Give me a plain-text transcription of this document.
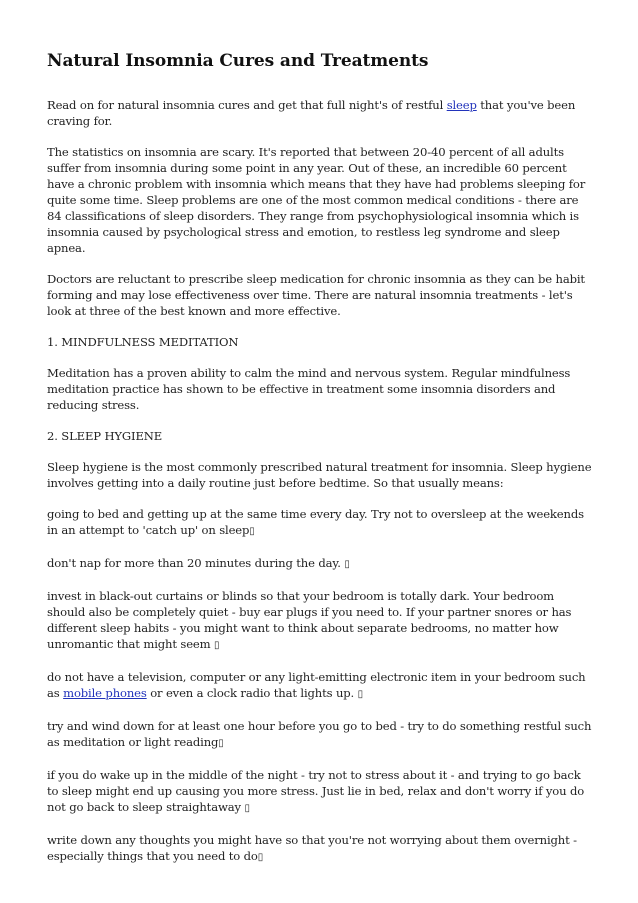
Natural Insomnia Cures and Treatments

Read on for natural insomnia cures and get that full night's of restful sleep that you've been craving for.

The statistics on insomnia are scary. It's reported that between 20-40 percent of all adults suffer from insomnia during some point in any year. Out of these, an incredible 60 percent have a chronic problem with insomnia which means that they have had problems sleeping for quite some time. Sleep problems are one of the most common medical conditions - there are 84 classifications of sleep disorders. They range from psychophysiological insomnia which is insomnia caused by psychological stress and emotion, to restless leg syndrome and sleep apnea.

Doctors are reluctant to prescribe sleep medication for chronic insomnia as they can be habit forming and may lose effectiveness over time. There are natural insomnia treatments - let's look at three of the best known and more effective.

1. MINDFULNESS MEDITATION

Meditation has a proven ability to calm the mind and nervous system. Regular mindfulness meditation practice has shown to be effective in treatment some insomnia disorders and reducing stress.

2. SLEEP HYGIENE

Sleep hygiene is the most commonly prescribed natural treatment for insomnia. Sleep hygiene involves getting into a daily routine just before bedtime. So that usually means:

going to bed and getting up at the same time every day. Try not to oversleep at the weekends in an attempt to 'catch up' on sleep▯

don't nap for more than 20 minutes during the day. ▯

invest in black-out curtains or blinds so that your bedroom is totally dark. Your bedroom should also be completely quiet - buy ear plugs if you need to. If your partner snores or has different sleep habits - you might want to think about separate bedrooms, no matter how unromantic that might seem ▯

do not have a television, computer or any light-emitting electronic item in your bedroom such as mobile phones or even a clock radio that lights up. ▯

try and wind down for at least one hour before you go to bed - try to do something restful such as meditation or light reading▯

if you do wake up in the middle of the night - try not to stress about it - and trying to go back to sleep might end up causing you more stress. Just lie in bed, relax and don't worry if you do not go back to sleep straightaway ▯

write down any thoughts you might have so that you're not worrying about them overnight - especially things that you need to do▯
